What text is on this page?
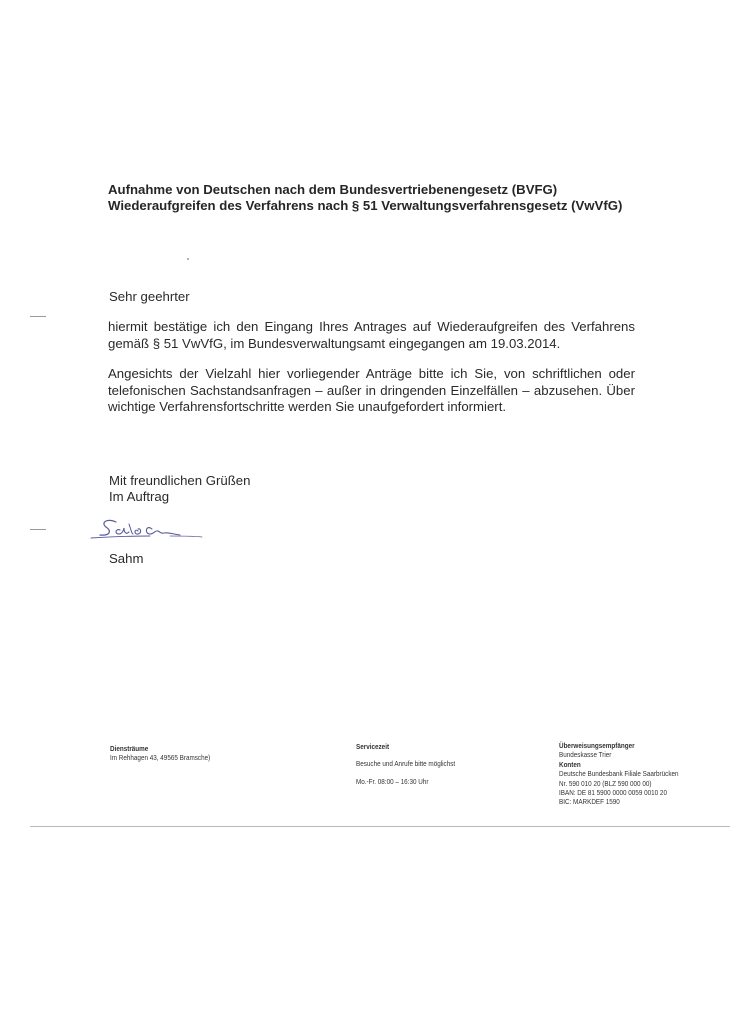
Aufnahme von Deutschen nach dem Bundesvertriebenengesetz (BVFG)
Wiederaufgreifen des Verfahrens nach § 51 Verwaltungsverfahrensgesetz (VwVfG)
Sehr geehrter
hiermit bestätige ich den Eingang Ihres Antrages auf Wiederaufgreifen des Verfahrens gemäß § 51 VwVfG, im Bundesverwaltungsamt eingegangen am 19.03.2014.
Angesichts der Vielzahl hier vorliegender Anträge bitte ich Sie, von schriftlichen oder telefonischen Sachstandsanfragen – außer in dringenden Einzelfällen – abzusehen. Über wichtige Verfahrensfortschritte werden Sie unaufgefordert informiert.
Mit freundlichen Grüßen
Im Auftrag
Sahm
Diensträume
Im Rehhagen 43, 49565 Bramsche)
Servicezeit
Besuche und Anrufe bitte möglichst
Mo.-Fr. 08:00 – 16:30 Uhr
Überweisungsempfänger
Bundeskasse Trier
Konten
Deutsche Bundesbank Filiale Saarbrücken
Nr. 590 010 20 (BLZ 590 000 00)
IBAN: DE 81 5900 0000 0059 0010 20
BIC: MARKDEF 1590
